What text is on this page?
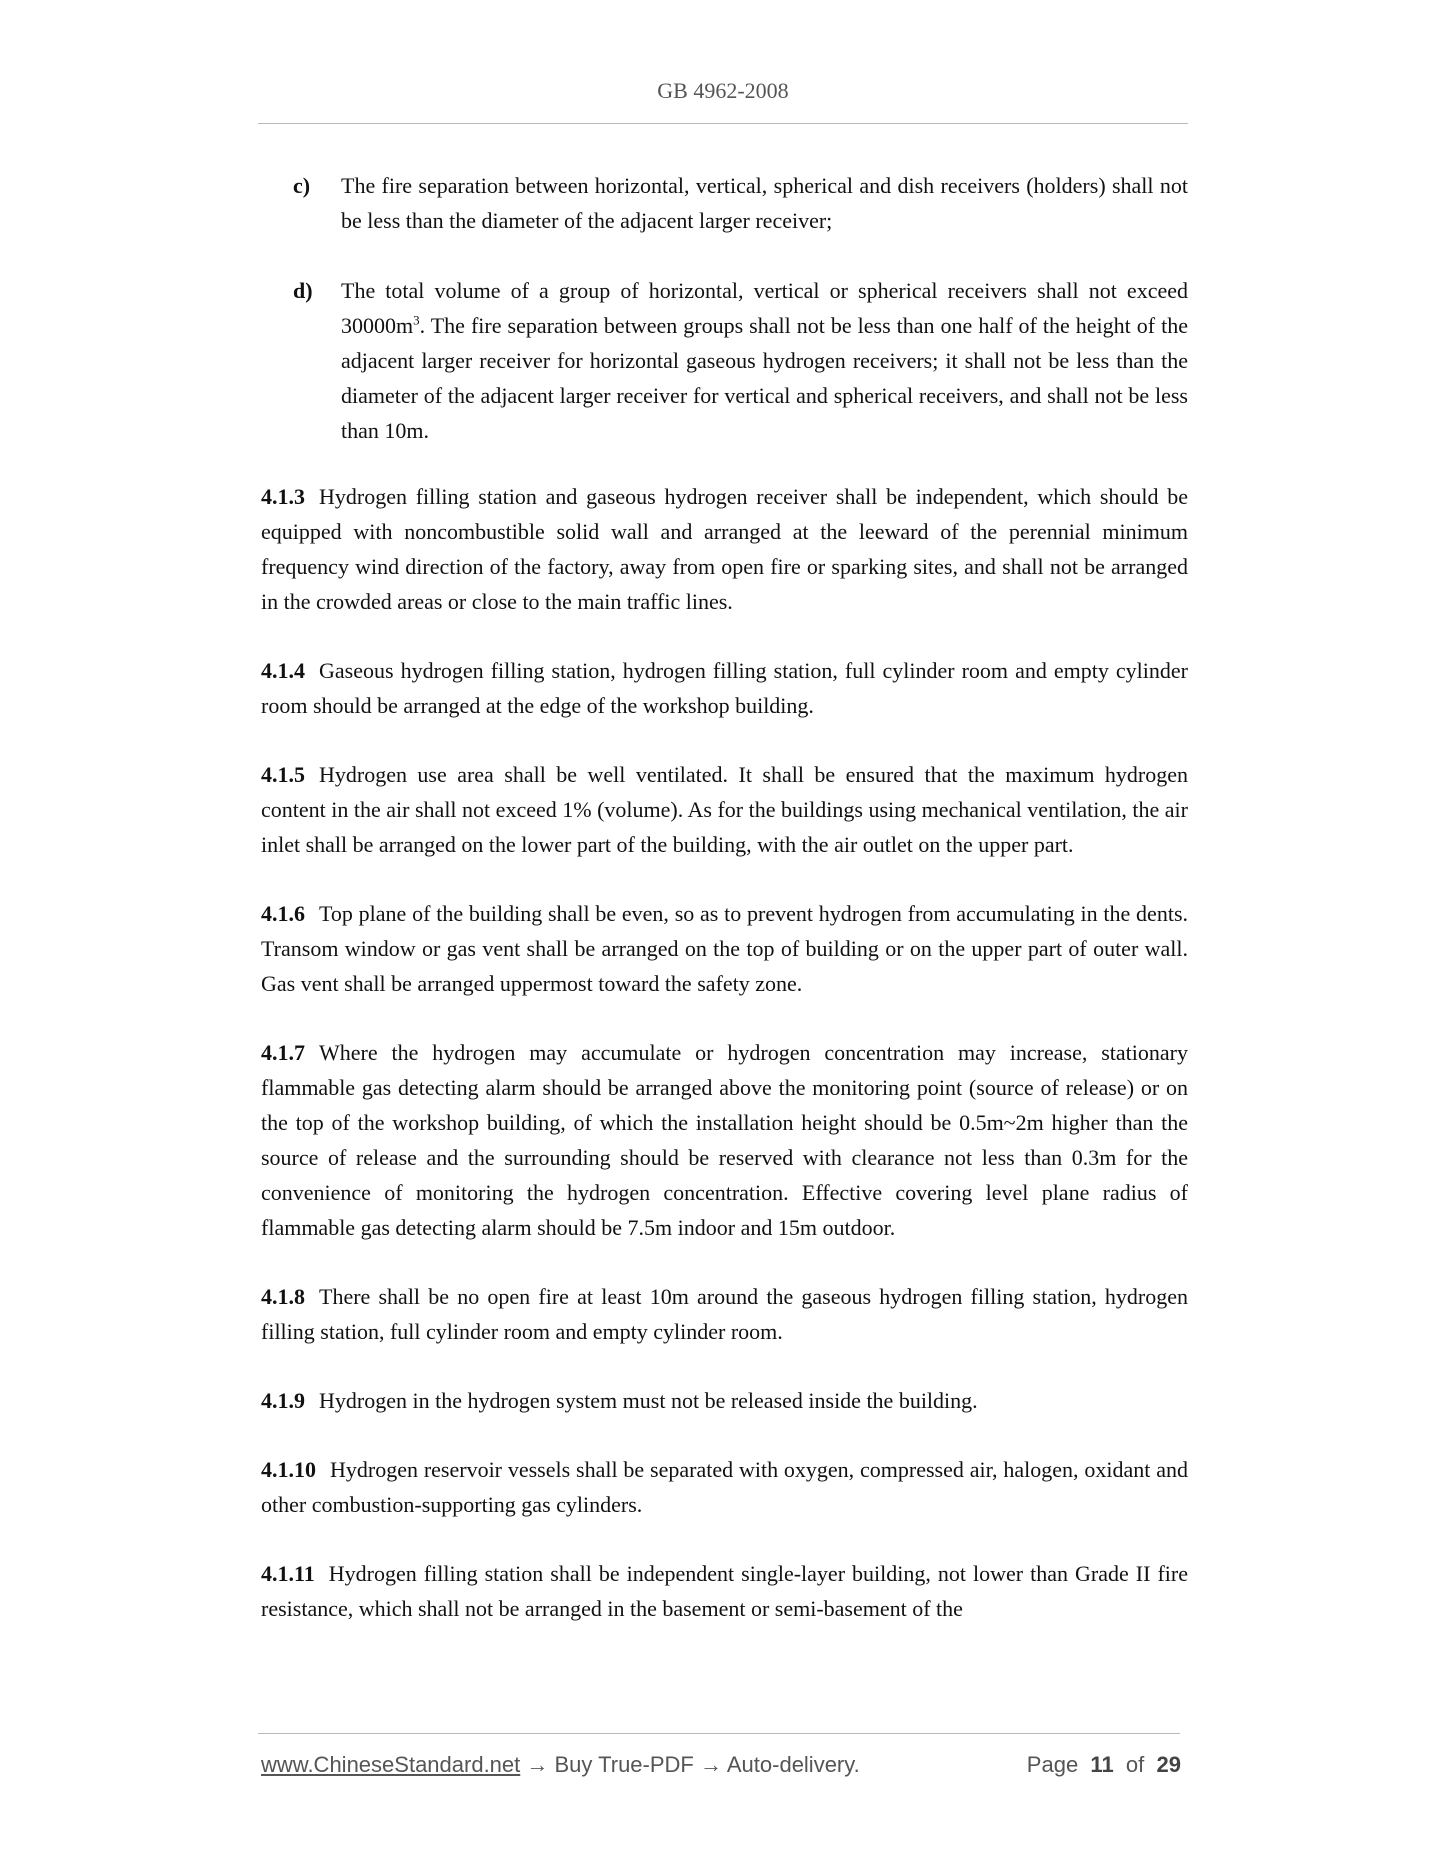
GB 4962-2008
c) The fire separation between horizontal, vertical, spherical and dish receivers (holders) shall not be less than the diameter of the adjacent larger receiver;
d) The total volume of a group of horizontal, vertical or spherical receivers shall not exceed $30000m^3$. The fire separation between groups shall not be less than one half of the height of the adjacent larger receiver for horizontal gaseous hydrogen receivers; it shall not be less than the diameter of the adjacent larger receiver for vertical and spherical receivers, and shall not be less than 10m.

4.1.3 Hydrogen filling station and gaseous hydrogen receiver shall be independent, which should be equipped with noncombustible solid wall and arranged at the leeward of the perennial minimum frequency wind direction of the factory, away from open fire or sparking sites, and shall not be arranged in the crowded areas or close to the main traffic lines.

4.1.4 Gaseous hydrogen filling station, hydrogen filling station, full cylinder room and empty cylinder room should be arranged at the edge of the workshop building.

4.1.5 Hydrogen use area shall be well ventilated. It shall be ensured that the maximum hydrogen content in the air shall not exceed 1% (volume). As for the buildings using mechanical ventilation, the air inlet shall be arranged on the lower part of the building, with the air outlet on the upper part.

4.1.6 Top plane of the building shall be even, so as to prevent hydrogen from accumulating in the dents. Transom window or gas vent shall be arranged on the top of building or on the upper part of outer wall. Gas vent shall be arranged uppermost toward the safety zone.

4.1.7 Where the hydrogen may accumulate or hydrogen concentration may increase, stationary flammable gas detecting alarm should be arranged above the monitoring point (source of release) or on the top of the workshop building, of which the installation height should be 0.5m~2m higher than the source of release and the surrounding should be reserved with clearance not less than 0.3m for the convenience of monitoring the hydrogen concentration. Effective covering level plane radius of flammable gas detecting alarm should be 7.5m indoor and 15m outdoor.

4.1.8 There shall be no open fire at least 10m around the gaseous hydrogen filling station, hydrogen filling station, full cylinder room and empty cylinder room.

4.1.9 Hydrogen in the hydrogen system must not be released inside the building.

4.1.10 Hydrogen reservoir vessels shall be separated with oxygen, compressed air, halogen, oxidant and other combustion-supporting gas cylinders.

4.1.11 Hydrogen filling station shall be independent single-layer building, not lower than Grade II fire resistance, which shall not be arranged in the basement or semi-basement of the

www.ChineseStandard.net → Buy True-PDF → Auto-delivery.	Page 11 of 29
